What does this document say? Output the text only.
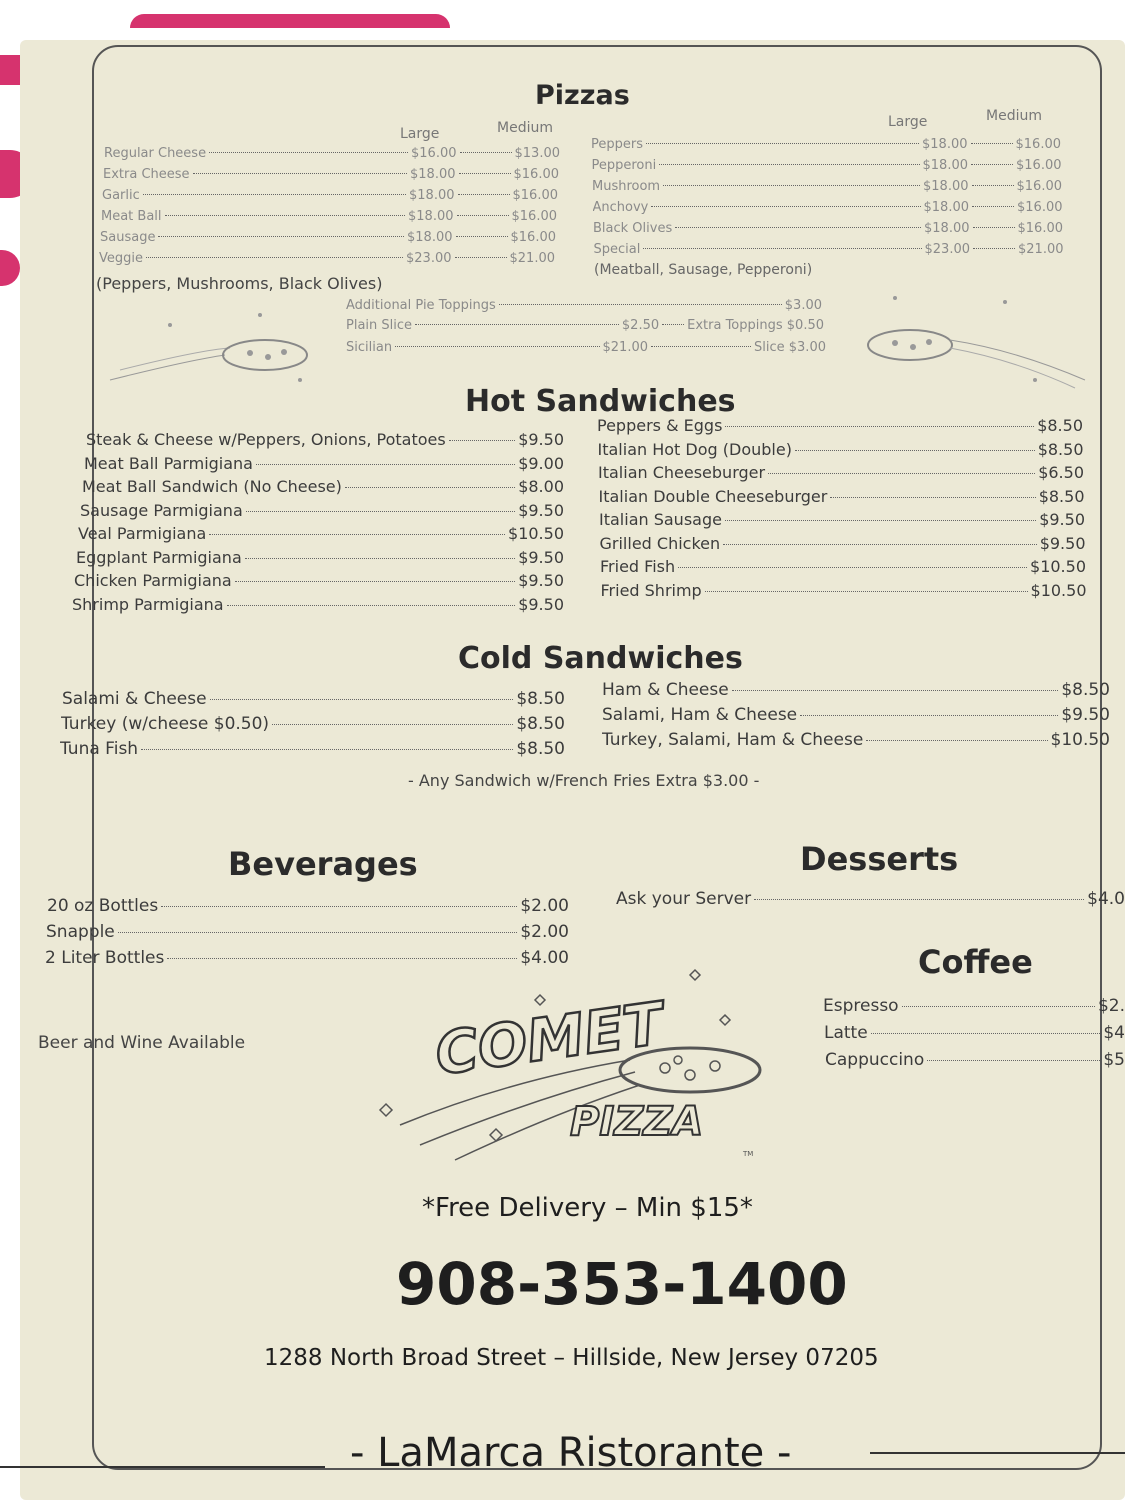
Pizzas
Large	Medium	Large	Medium
Regular Cheese	$16.00	$13.00
Extra Cheese	$18.00	$16.00
Garlic	$18.00	$16.00
Meat Ball	$18.00	$16.00
Sausage	$18.00	$16.00
Veggie	$23.00	$21.00
Peppers	$18.00	$16.00
Pepperoni	$18.00	$16.00
Mushroom	$18.00	$16.00
Anchovy	$18.00	$16.00
Black Olives	$18.00	$16.00
Special	$23.00	$21.00
(Peppers, Mushrooms, Black Olives)
(Meatball, Sausage, Pepperoni)
Additional Pie Toppings	$3.00
Plain Slice	$2.50 Extra Toppings $0.50
Sicilian	$21.00	Slice $3.00
Hot Sandwiches
Steak & Cheese w/Peppers, Onions, Potatoes	$9.50
Meat Ball Parmigiana	$9.00
Meat Ball Sandwich (No Cheese)	$8.00
Sausage Parmigiana	$9.50
Veal Parmigiana	$10.50
Eggplant Parmigiana	$9.50
Chicken Parmigiana	$9.50
Shrimp Parmigiana	$9.50
Peppers & Eggs	$8.50
Italian Hot Dog (Double)	$8.50
Italian Cheeseburger	$6.50
Italian Double Cheeseburger	$8.50
Italian Sausage	$9.50
Grilled Chicken	$9.50
Fried Fish	$10.50
Fried Shrimp	$10.50
Cold Sandwiches
Salami & Cheese	$8.50
Turkey (w/cheese $0.50)	$8.50
Tuna Fish	$8.50
Ham & Cheese	$8.50
Salami, Ham & Cheese	$9.50
Turkey, Salami, Ham & Cheese	$10.50
- Any Sandwich w/French Fries Extra $3.00 -
Beverages
20 oz Bottles	$2.00
Snapple	$2.00
2 Liter Bottles	$4.00
Beer and Wine Available
Desserts
Ask your Server	$4.0
Coffee
Espresso	$2.
Latte	$4
Cappuccino	$5
COMET
PIZZA
TM
*Free Delivery – Min $15*
908-353-1400
1288 North Broad Street – Hillside, New Jersey 07205
- LaMarca Ristorante -
